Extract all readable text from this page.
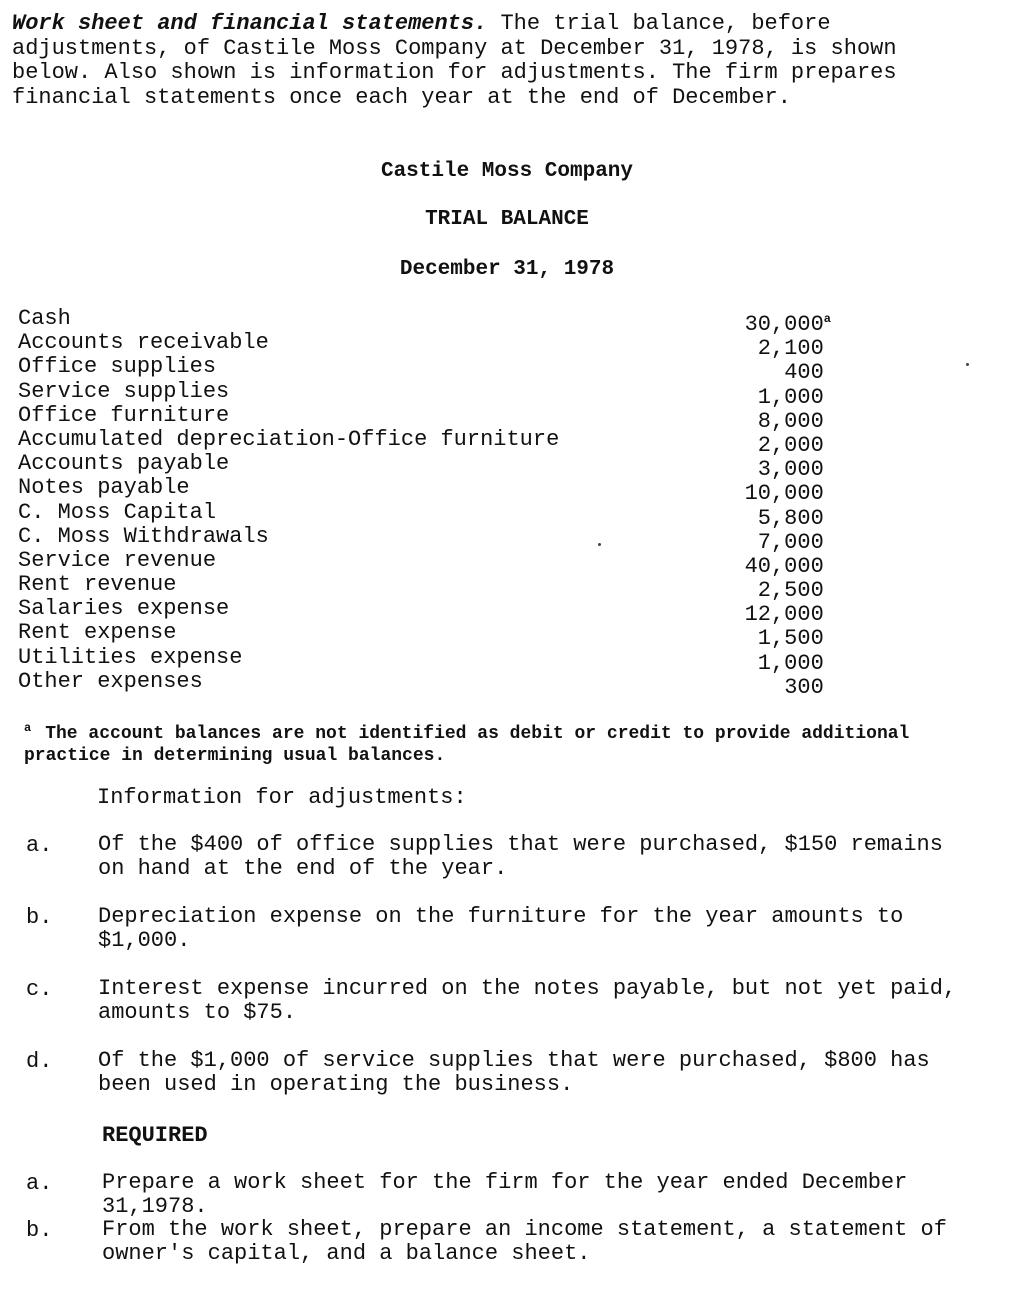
Work sheet and financial statements. The trial balance, before
adjustments, of Castile Moss Company at December 31, 1978, is shown
below. Also shown is information for adjustments. The firm prepares
financial statements once each year at the end of December.
Castile Moss Company
TRIAL BALANCE
December 31, 1978
Cash
Accounts receivable
Office supplies
Service supplies
Office furniture
Accumulated depreciation-Office furniture
Accounts payable
Notes payable
C. Moss Capital
C. Moss Withdrawals
Service revenue
Rent revenue
Salaries expense
Rent expense
Utilities expense
Other expenses
30,000$^a$
2,100
400
1,000
8,000
2,000
3,000
10,000
5,800
7,000
40,000
2,500
12,000
1,500
1,000
300
$^a$ The account balances are not identified as debit or credit to provide additional practice in determining usual balances.
Information for adjustments:
a. Of the $400 of office supplies that were purchased, $150 remains on hand at the end of the year.
b. Depreciation expense on the furniture for the year amounts to $1,000.
c. Interest expense incurred on the notes payable, but not yet paid, amounts to $75.
d. Of the $1,000 of service supplies that were purchased, $800 has been used in operating the business.
REQUIRED
a. Prepare a work sheet for the firm for the year ended December 31,1978.
b. From the work sheet, prepare an income statement, a statement of owner's capital, and a balance sheet.
